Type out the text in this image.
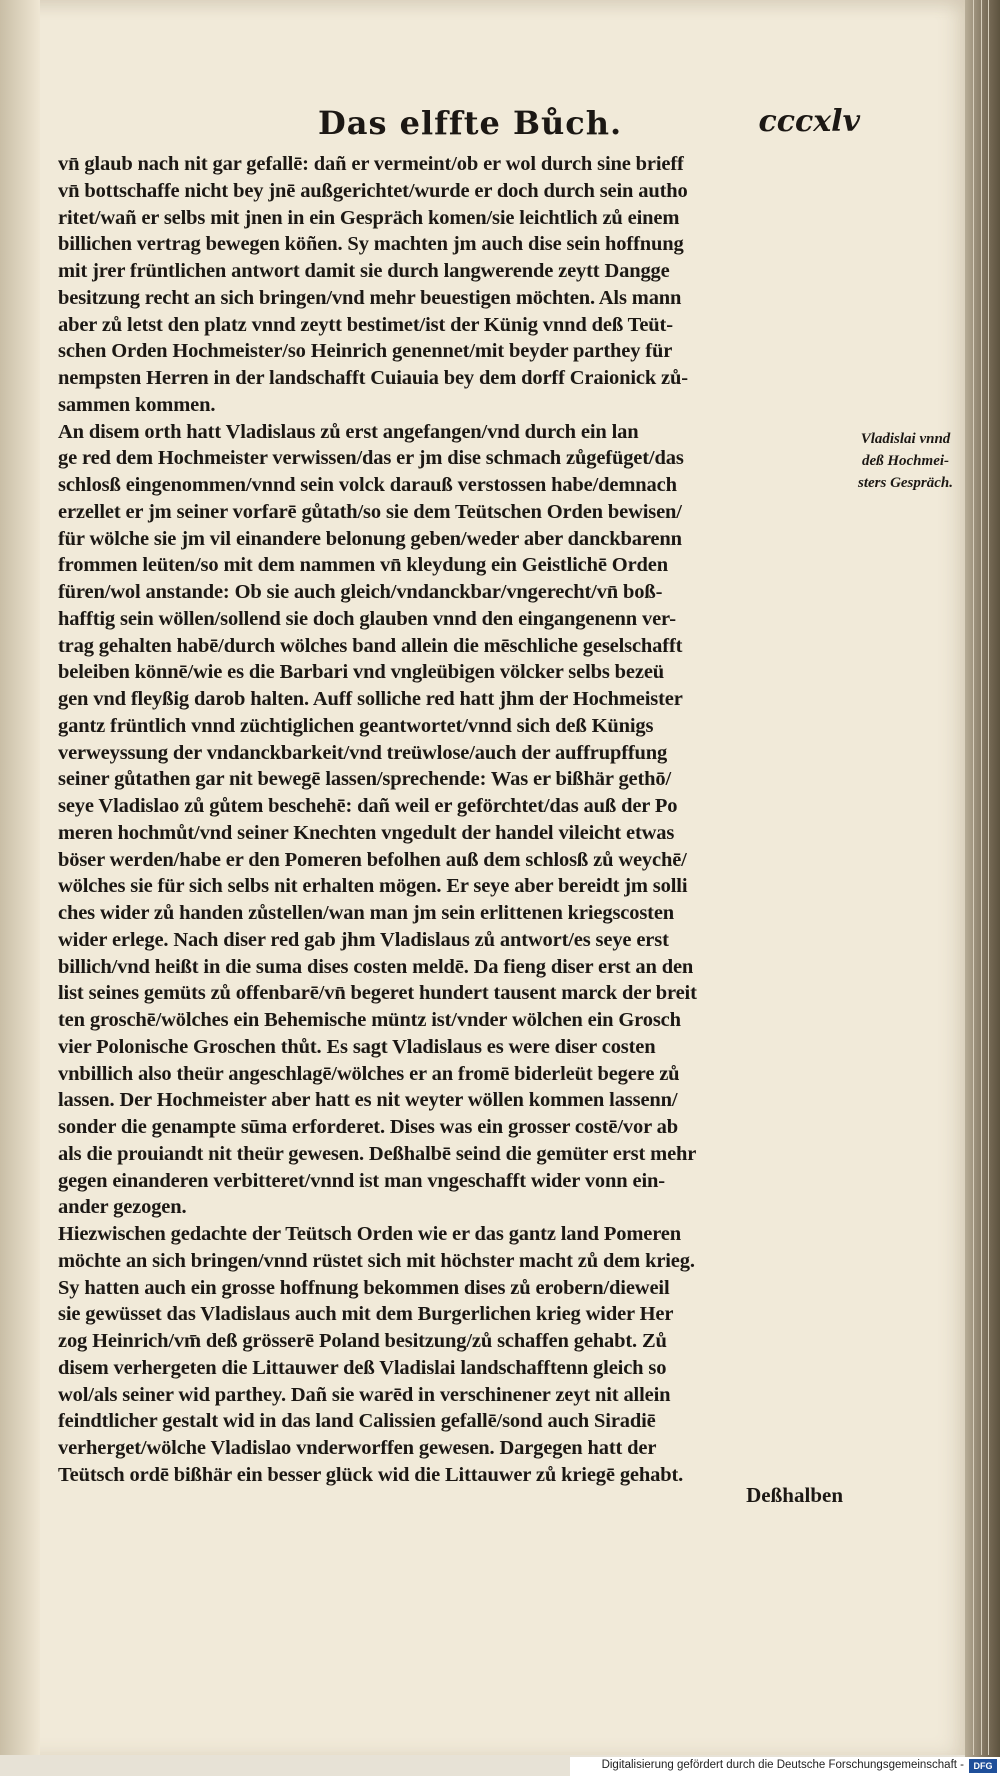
Das elffte Bůch.	cccxlv
vn̄ glaub nach nit gar gefallē: dañ er vermeint/ob er wol durch sine brieff
vn̄ bottschaffe nicht bey jnē außgerichtet/wurde er doch durch sein autho
ritet/wañ er selbs mit jnen in ein Gespräch komen/sie leichtlich zů einem
billichen vertrag bewegen köñen. Sy machten jm auch dise sein hoffnung
mit jrer früntlichen antwort damit sie durch langwerende zeytt Dangge
besitzung recht an sich bringen/vnd mehr beuestigen möchten. Als mann
aber zů letst den platz vnnd zeytt bestimet/ist der Künig vnnd deß Teüt-
schen Orden Hochmeister/so Heinrich genennet/mit beyder parthey für
nempsten Herren in der landschafft Cuiauia bey dem dorff Craionick zů-
sammen kommen.
An disem orth hatt Vladislaus zů erst angefangen/vnd durch ein lan
ge red dem Hochmeister verwissen/das er jm dise schmach zůgefüget/das
schlosß eingenommen/vnnd sein volck darauß verstossen habe/demnach
erzellet er jm seiner vorfarē gůtath/so sie dem Teütschen Orden bewisen/
für wölche sie jm vil einandere belonung geben/weder aber danckbarenn
frommen leüten/so mit dem nammen vn̄ kleydung ein Geistlichē Orden
füren/wol anstande: Ob sie auch gleich/vndanckbar/vngerecht/vn̄ boß-
hafftig sein wöllen/sollend sie doch glauben vnnd den eingangenenn ver-
trag gehalten habē/durch wölches band allein die mēschliche geselschafft
beleiben könnē/wie es die Barbari vnd vngleübigen völcker selbs bezeü
gen vnd fleyßig darob halten. Auff solliche red hatt jhm der Hochmeister
gantz früntlich vnnd züchtiglichen geantwortet/vnnd sich deß Künigs
verweyssung der vndanckbarkeit/vnd treüwlose/auch der auffrupffung
seiner gůtathen gar nit bewegē lassen/sprechende: Was er bißhär gethō/
seye Vladislao zů gůtem beschehē: dañ weil er geförchtet/das auß der Po
meren hochmůt/vnd seiner Knechten vngedult der handel vileicht etwas
böser werden/habe er den Pomeren befolhen auß dem schlosß zů weychē/
wölches sie für sich selbs nit erhalten mögen. Er seye aber bereidt jm solli
ches wider zů handen zůstellen/wan man jm sein erlittenen kriegscosten
wider erlege. Nach diser red gab jhm Vladislaus zů antwort/es seye erst
billich/vnd heißt in die suma dises costen meldē. Da fieng diser erst an den
list seines gemüts zů offenbarē/vn̄ begeret hundert tausent marck der breit
ten groschē/wölches ein Behemische müntz ist/vnder wölchen ein Grosch
vier Polonische Groschen thůt. Es sagt Vladislaus es were diser costen
vnbillich also theür angeschlagē/wölches er an fromē biderleüt begere zů
lassen. Der Hochmeister aber hatt es nit weyter wöllen kommen lassenn/
sonder die genampte sūma erforderet. Dises was ein grosser costē/vor ab
als die prouiandt nit theür gewesen. Deßhalbē seind die gemüter erst mehr
gegen einanderen verbitteret/vnnd ist man vngeschafft wider vonn ein-
ander gezogen.
Hiezwischen gedachte der Teütsch Orden wie er das gantz land Pomeren
möchte an sich bringen/vnnd rüstet sich mit höchster macht zů dem krieg.
Sy hatten auch ein grosse hoffnung bekommen dises zů erobern/dieweil
sie gewüsset das Vladislaus auch mit dem Burgerlichen krieg wider Her
zog Heinrich/vm̄ deß grösserē Poland besitzung/zů schaffen gehabt. Zů
disem verhergeten die Littauwer deß Vladislai landschafftenn gleich so
wol/als seiner wid parthey. Dañ sie warēd in verschinener zeyt nit allein
feindtlicher gestalt wid in das land Calissien gefallē/sond auch Siradiē
verherget/wölche Vladislao vnderworffen gewesen. Dargegen hatt der
Teütsch ordē bißhär ein besser glück wid die Littauwer zů kriegē gehabt.
Deßhalben
Vladislai vnnd
deß Hochmei-
sters Gespräch.
Digitalisierung gefördert durch die Deutsche Forschungsgemeinschaft -	DFG
